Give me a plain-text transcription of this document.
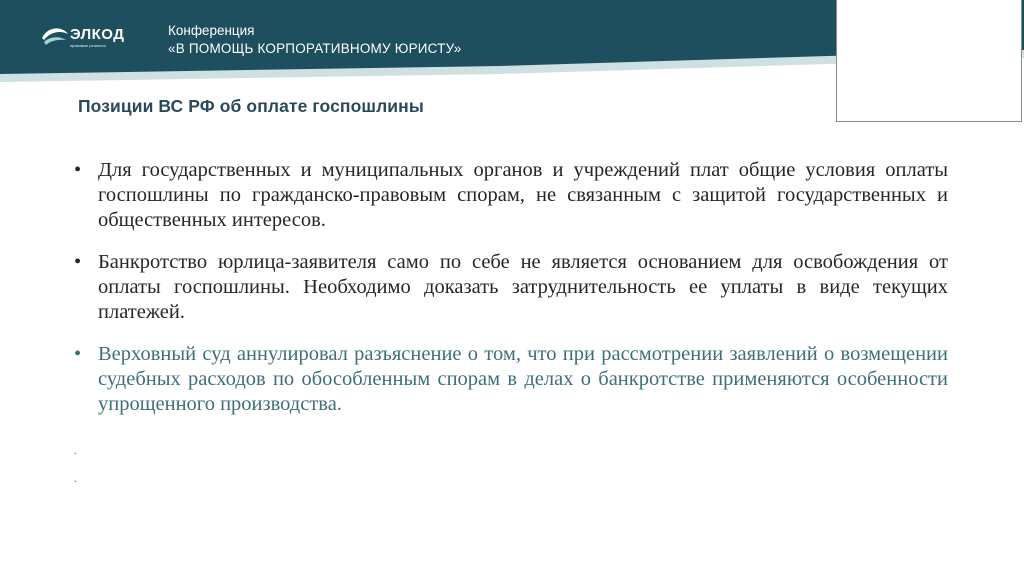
ЭЛКОД
правовые решения
Конференция
«В ПОМОЩЬ КОРПОРАТИВНОМУ ЮРИСТУ»
Позиции ВС РФ об оплате госпошлины
• Для государственных и муниципальных органов и учреждений плат общие условия оплаты госпошлины по гражданско-правовым спорам, не связанным с защитой государственных и общественных интересов.
• Банкротство юрлица-заявителя само по себе не является основанием для освобождения от оплаты госпошлины. Необходимо доказать затруднительность ее уплаты в виде текущих платежей.
• Верховный суд аннулировал разъяснение о том, что при рассмотрении заявлений о возмещении судебных расходов по обособленным спорам в делах о банкротстве применяются особенности упрощенного производства.
.
.
